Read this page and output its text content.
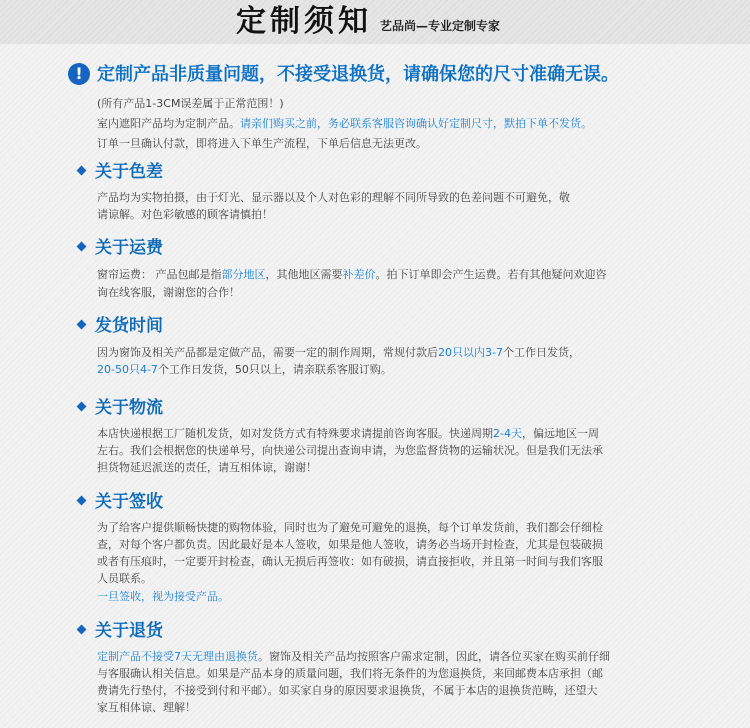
定制须知 艺品尚—专业定制专家
! 定制产品非质量问题，不接受退换货，请确保您的尺寸准确无误。
(所有产品1-3CM误差属于正常范围！)
室内遮阳产品均为定制产品。请亲们购买之前，务必联系客服咨询确认好定制尺寸，默拍下单不发货。
订单一旦确认付款，即将进入下单生产流程，下单后信息无法更改。
关于色差
产品均为实物拍摄，由于灯光、显示器以及个人对色彩的理解不同所导致的色差问题不可避免，敬
请谅解。对色彩敏感的顾客请慎拍！
关于运费
窗帘运费： 产品包邮是指部分地区，其他地区需要补差价。拍下订单即会产生运费。若有其他疑问欢迎咨
询在线客服，谢谢您的合作！
发货时间
因为窗饰及相关产品都是定做产品，需要一定的制作周期，常规付款后20只以内3-7个工作日发货，
20-50只4-7个工作日发货，50只以上，请亲联系客服订购。
关于物流
本店快递根据工厂随机发货，如对发货方式有特殊要求请提前咨询客服。快递周期2-4天，偏远地区一周
左右。我们会根据您的快递单号，向快递公司提出查询申请，为您监督货物的运输状况。但是我们无法承
担货物延迟派送的责任，请互相体谅，谢谢！
关于签收
为了给客户提供顺畅快捷的购物体验，同时也为了避免可避免的退换，每个订单发货前，我们都会仔细检
查，对每个客户都负责。因此最好是本人签收，如果是他人签收，请务必当场开封检查，尤其是包装破损
或者有压痕时，一定要开封检查，确认无损后再签收：如有破损，请直接拒收，并且第一时间与我们客服
人员联系。
一旦签收，视为接受产品。
关于退货
定制产品不接受7天无理由退换货。窗饰及相关产品均按照客户需求定制，因此，请各位买家在购买前仔细
与客服确认相关信息。如果是产品本身的质量问题，我们将无条件的为您退换货，来回邮费本店承担（邮
费请先行垫付，不接受到付和平邮）。如买家自身的原因要求退换货，不属于本店的退换货范畴，还望大
家互相体谅、理解！
